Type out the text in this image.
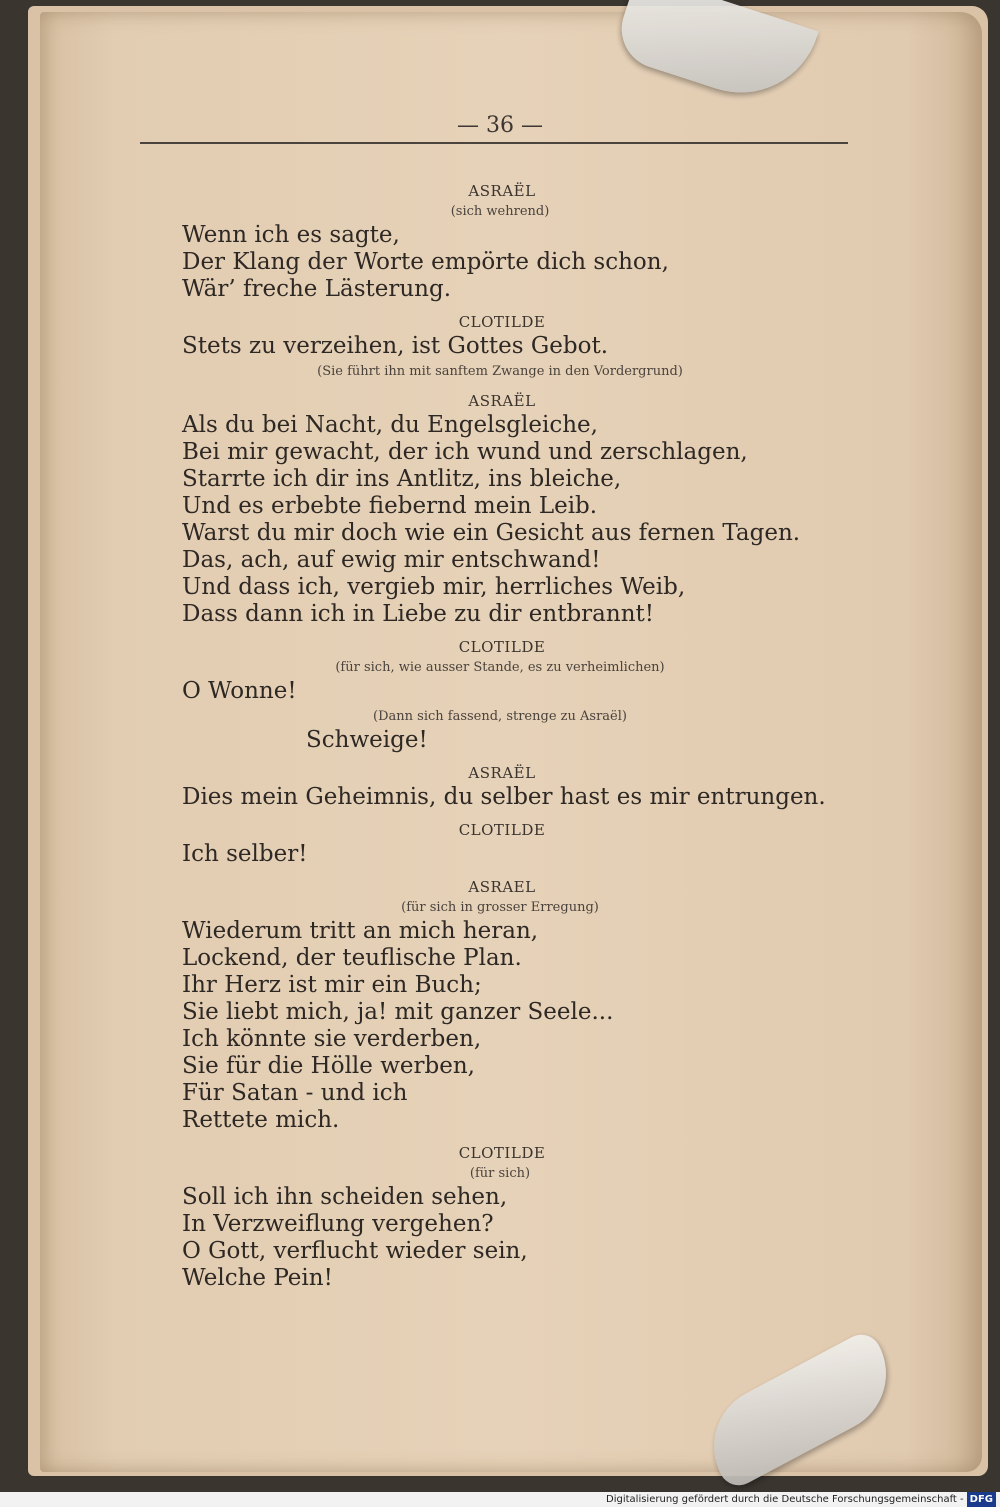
— 36 —
ASRAËL
(sich wehrend)
Wenn ich es sagte,
Der Klang der Worte empörte dich schon,
Wär’ freche Lästerung.
CLOTILDE
Stets zu verzeihen, ist Gottes Gebot.
(Sie führt ihn mit sanftem Zwange in den Vordergrund)
ASRAËL
Als du bei Nacht, du Engelsgleiche,
Bei mir gewacht, der ich wund und zerschlagen,
Starrte ich dir ins Antlitz, ins bleiche,
Und es erbebte fiebernd mein Leib.
Warst du mir doch wie ein Gesicht aus fernen Tagen.
Das, ach, auf ewig mir entschwand!
Und dass ich, vergieb mir, herrliches Weib,
Dass dann ich in Liebe zu dir entbrannt!
CLOTILDE
(für sich, wie ausser Stande, es zu verheimlichen)
O Wonne!
(Dann sich fassend, strenge zu Asraël)
Schweige!
ASRAËL
Dies mein Geheimnis, du selber hast es mir entrungen.
CLOTILDE
Ich selber!
ASRAEL
(für sich in grosser Erregung)
Wiederum tritt an mich heran,
Lockend, der teuflische Plan.
Ihr Herz ist mir ein Buch;
Sie liebt mich, ja! mit ganzer Seele...
Ich könnte sie verderben,
Sie für die Hölle werben,
Für Satan - und ich
Rettete mich.
CLOTILDE
(für sich)
Soll ich ihn scheiden sehen,
In Verzweiflung vergehen?
O Gott, verflucht wieder sein,
Welche Pein!
Digitalisierung gefördert durch die Deutsche Forschungsgemeinschaft - DFG
